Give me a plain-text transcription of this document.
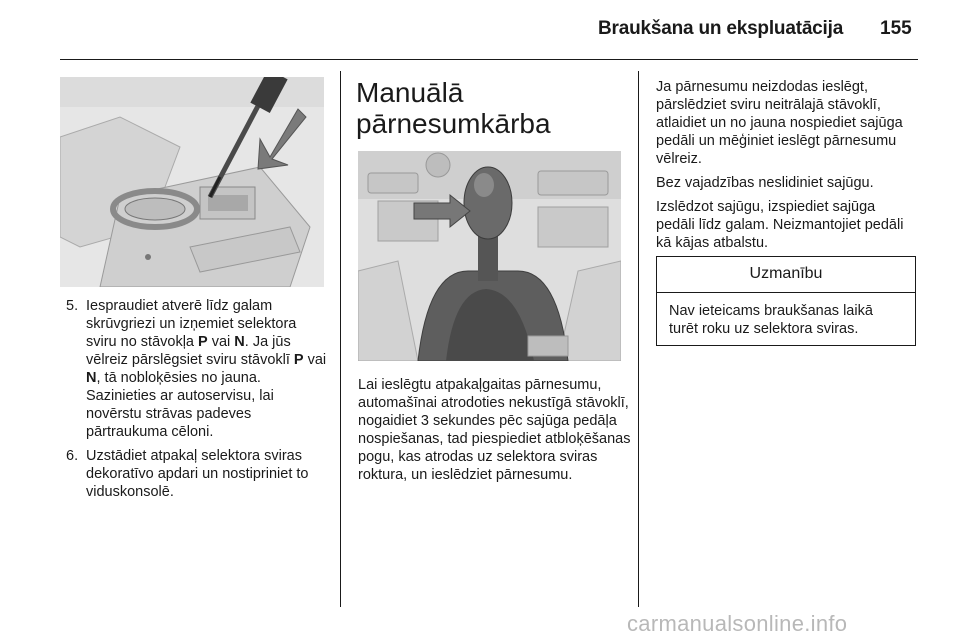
Braukšana un ekspluatācija 155
5. Iespraudiet atverē līdz galam skrūvgriezi un izņemiet selektora sviru no stāvokļa P vai N. Ja jūs vēlreiz pārslēgsiet sviru stāvoklī P vai N, tā nobloķēsies no jauna. Sazinieties ar autoservisu, lai novērstu strāvas padeves pārtraukuma cēloni.
6. Uzstādiet atpakaļ selektora sviras dekoratīvo apdari un nostipriniet to viduskonsolē.
Manuālā
pārnesumkārba
Lai ieslēgtu atpakaļgaitas pārnesumu, automašīnai atrodoties nekustīgā stāvoklī, nogaidiet 3 sekundes pēc sajūga pedāļa nospiešanas, tad piespiediet atbloķēšanas pogu, kas atrodas uz selektora sviras roktura, un ieslēdziet pārnesumu.
Ja pārnesumu neizdodas ieslēgt, pārslēdziet sviru neitrālajā stāvoklī, atlaidiet un no jauna nospiediet sajūga pedāli un mēģiniet ieslēgt pārnesumu vēlreiz.
Bez vajadzības neslidiniet sajūgu.
Izslēdzot sajūgu, izspiediet sajūga pedāli līdz galam. Neizmantojiet pedāli kā kājas atbalstu.
Uzmanību
Nav ieteicams braukšanas laikā turēt roku uz selektora sviras.
carmanualsonline.info
